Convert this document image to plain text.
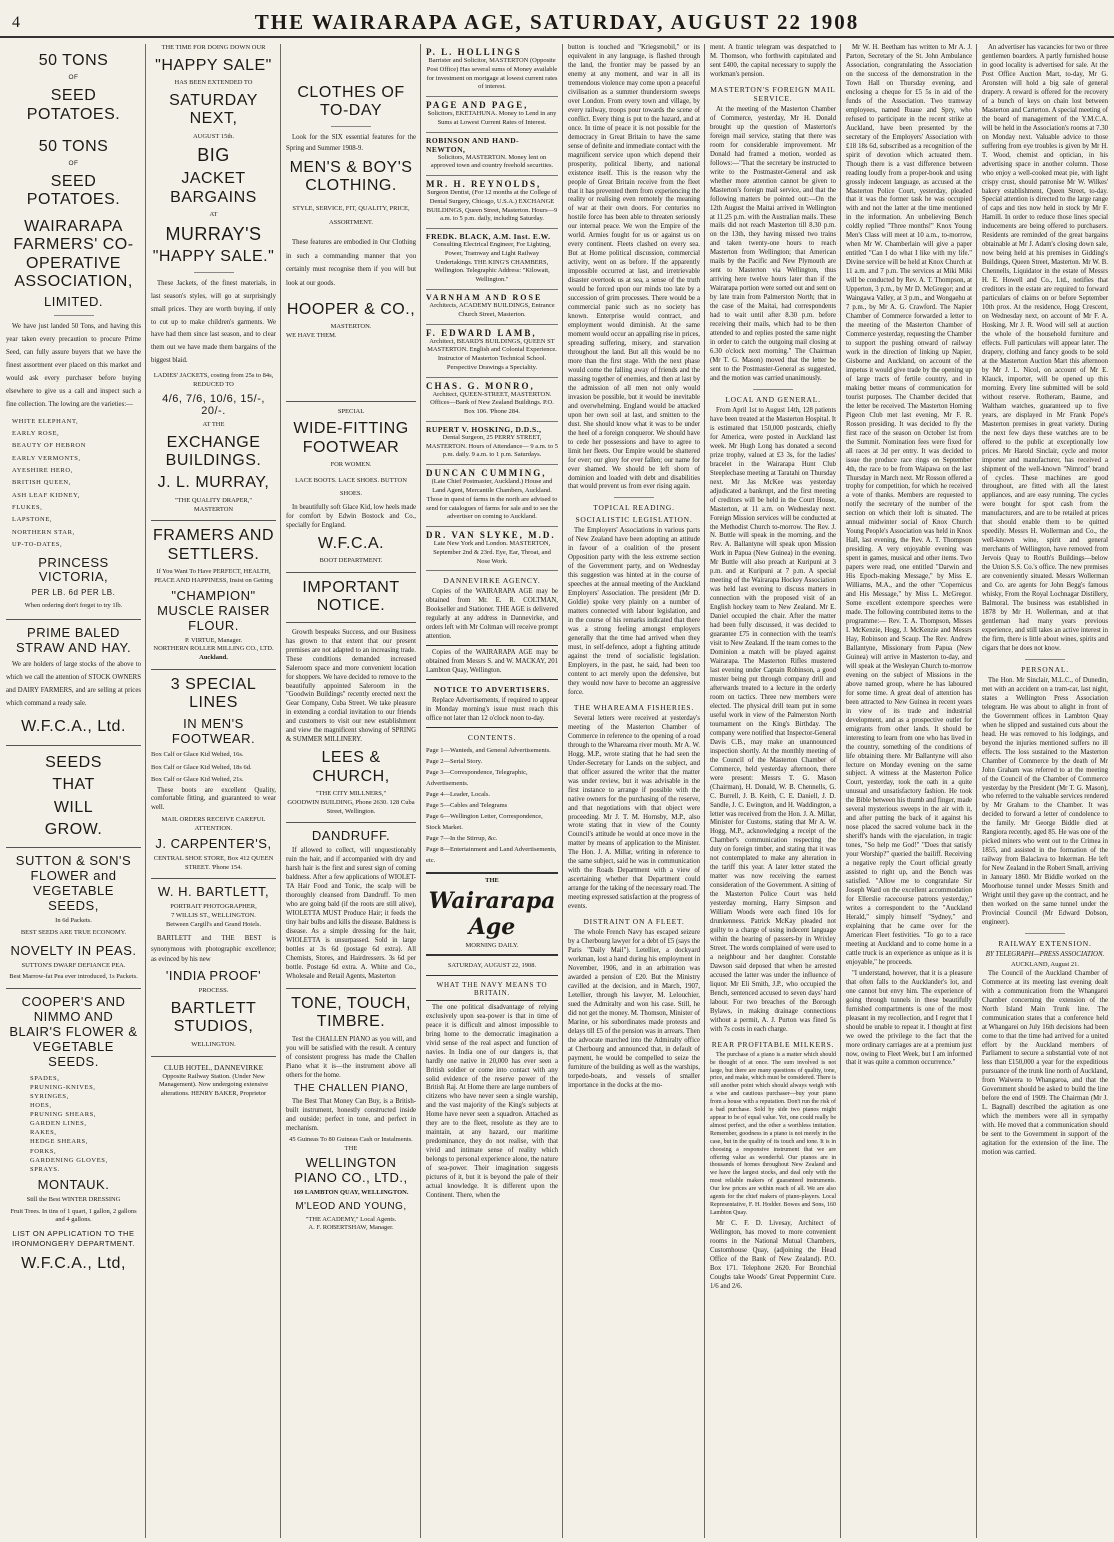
4	THE WAIRARAPA AGE, SATURDAY, AUGUST 22 1908
50 TONS
OF
SEED POTATOES.
50 TONS
OF
SEED POTATOES.
WAIRARAPA FARMERS' CO-OPERATIVE ASSOCIATION,
LIMITED.
We have just landed 50 Tons, and having this year taken every precaution to procure Prime Seed, can fully assure buyers that we have the finest assortment ever placed on this market and would ask every purchaser before buying elsewhere to give us a call and inspect such a fine collection. The lowing are the varieties:—
WHITE ELEPHANT,
EARLY ROSE,
BEAUTY OF HEBRON
EARLY VERMONTS,
AYESHIRE HERO,
BRITISH QUEEN,
ASH LEAF KIDNEY,
FLUKES,
LAPSTONE,
NORTHERN STAR,
UP-TO-DATES,
PRINCESS VICTORIA,
PER LB. 6d PER LB.
When ordering don't forget to try 1lb.
PRIME BALED STRAW AND HAY.
We are holders of large stocks of the above to which we call the attention of STOCK OWNERS and DAIRY FARMERS, and are selling at prices which command a ready sale.
W.F.C.A., Ltd.
SEEDS THAT WILL GROW.
SUTTON & SON'S FLOWER and VEGETABLE SEEDS,
In 6d Packets.
BEST SEEDS ARE TRUE ECONOMY.
NOVELTY IN PEAS.
SUTTON'S DWARF DEFIANCE PEA.
Best Marrow-fat Pea ever introduced, 1s Packets.
COOPER'S AND NIMMO AND BLAIR'S FLOWER & VEGETABLE SEEDS.
SPADES,
PRUNING-KNIVES,
SYRINGES,
HOES,
PRUNING SHEARS,
GARDEN LINES,
RAKES,
HEDGE SHEARS,
FORKS,
GARDENING GLOVES,
SPRAYS.
MONTAUK.
Still the Best WINTER DRESSING
Fruit Trees. In tins of 1 quart, 1 gallon, 2 gallons and 4 gallons.
LIST ON APPLICATION TO THE IRONMONGERY DEPARTMENT.
W.F.C.A., Ltd,
THE TIME FOR DOING DOWN OUR
"HAPPY SALE"
HAS BEEN EXTENDED TO
SATURDAY NEXT,
AUGUST 15th.
BIG
JACKET BARGAINS
AT
MURRAY'S
"HAPPY SALE."
These Jackets, of the finest materials, in last season's styles, will go at surprisingly small prices. They are worth buying, if only to cut up to make children's garments. We have had them since last season, and to clear them out we have made them bargains of the biggest blaid.
LADIES' JACKETS, costing from 25s to 84s,
REDUCED TO
4/6, 7/6, 10/6, 15/-, 20/-.
AT THE
EXCHANGE BUILDINGS.
J. L. MURRAY,
"THE QUALITY DRAPER,"
MASTERTON
FRAMERS AND SETTLERS.
If You Want To Have PERFECT, HEALTH, PEACE AND HAPPINESS, Insist on Getting
"CHAMPION" MUSCLE RAISER FLOUR.
P. VIRTUE, Manager.
NORTHERN ROLLER MILLING CO., LTD.
Auckland.
3 SPECIAL LINES
IN MEN'S FOOTWEAR.
Box Calf or Glace Kid Welted, 16s.
Box Calf or Glace Kid Welted, 18s 6d.
Box Calf or Glace Kid Welted, 21s.
These boots are excellent Quality, comfortable fitting, and guaranteed to wear well.
MAIL ORDERS RECEIVE CAREFUL ATTENTION.
J. CARPENTER'S,
CENTRAL SHOE STORE, Box 412 QUEEN STREET. 'Phone 154.
W. H. BARTLETT,
PORTRAIT PHOTOGRAPHER,
7 WILLIS ST., WELLINGTON.
Between Cargill's and Grand Hotels.
BARTLETT and THE BEST is synonymous with photographic excellence; as evinced by his new
'INDIA PROOF'
PROCESS.
BARTLETT STUDIOS,
WELLINGTON.
CLUB HOTEL, DANNEVIRKE
Opposite Railway Station. (Under New Management). Now undergoing extensive alterations. HENRY BAKER, Proprietor
CLOTHES OF TO-DAY
Look for the SIX essential features for the Spring and Summer 1908-9.
MEN'S & BOY'S CLOTHING.
STYLE, SERVICE, FIT, QUALITY, PRICE, ASSORTMENT.
These features are embodied in Our Clothing in such a commanding manner that you certainly must recognise them if you will but look at our goods.
HOOPER & CO.,
MASTERTON.
WE HAVE THEM.
SPECIAL
WIDE-FITTING FOOTWEAR
FOR WOMEN.
LACE BOOTS. LACE SHOES. BUTTON SHOES.
In beautifully soft Glace Kid, low heels made for comfort by Edwin Bostock and Co., specially for England.
W.F.C.A.
BOOT DEPARTMENT.
IMPORTANT NOTICE.
Growth bespeaks Success, and our Business has grown to that extent that our present premises are not adapted to an increasing trade. These conditions demanded increased Saleroom space and more convenient location for shoppers. We have decided to remove to the beautifully appointed Saleroom in the "Goodwin Buildings" recently erected next the Gear Company, Cuba Street. We take pleasure in extending a cordial invitation to our friends and customers to visit our new establishment and view the magnificent showing of SPRING & SUMMER MILLINERY.
LEES & CHURCH,
"THE CITY MILLNERS,"
GOODWIN BUILDING, Phone 2630. 128 Cuba Street, Wellington.
DANDRUFF.
If allowed to collect, will unquestionably ruin the hair, and if accompanied with dry and harsh hair is the first and surest sign of coming baldness. After a few applications of WIOLET-TA Hair Food and Tonic, the scalp will be thoroughly cleansed from Dandruff. To men who are going bald (if the roots are still alive), WIOLETTA MUST Produce Hair; it feeds the tiny hair bulbs and kills the disease. Baldness is disease. As a simple dressing for the hair, WIOLETTA is unsurpassed. Sold in large bottles at 3s 6d (postage 6d extra). All Chemists, Stores, and Hairdressers. 3s 6d per bottle. Postage 6d extra. A. White and Co., Wholesale and Retail Agents, Masterton
TONE, TOUCH, TIMBRE.
Test the CHALLEN PIANO as you will, and you will be satisfied with the result. A century of consistent progress has made the Challen Piano what it is—the instrument above all others for the home.
THE CHALLEN PIANO,
The Best That Money Can Buy, is a British-built instrument, honestly constructed inside and outside; perfect in tone, and perfect in mechanism.
45 Guineas To 80 Guineas Cash or Instalments.
THE
WELLINGTON PIANO CO., LTD.,
169 LAMBTON QUAY, WELLINGTON.
M'LEOD AND YOUNG,
"THE ACADEMY," Local Agents.
A. F. ROBERTSHAW, Manager.
P. L. HOLLINGS
Barrister and Solicitor, MASTERTON (Opposite Post Office) Has several sums of Money available for investment on mortgage at lowest current rates of interest.
PAGE AND PAGE,
Solicitors, EKETAHUNA. Money to Lend in any Sums at Lowest Current Rates of Interest.
ROBINSON AND HAND-NEWTON,
Solicitors, MASTERTON. Money lent on approved town and country freehold securities.
MR. H. REYNOLDS,
Surgeon Dentist, (For 12 months at the College of Dental Surgery, Chicago, U.S.A.) EXCHANGE BUILDINGS, Queen Street, Masterton. Hours—9 a.m. to 5 p.m. daily, including Saturday.
FREDK. BLACK, A.M. Inst. E.W.
Consulting Electrical Engineer, For Lighting, Power, Tramway and Light Railway Undertakings. THE KING'S CHAMBERS, Wellington. Telegraphic Address: "Kilowatt, Wellington."
VARNHAM AND ROSE
Architects, ACADEMY BUILDINGS, Entrance Church Street, Masterton.
F. EDWARD LAMB,
Architect, BEARD'S BUILDINGS, QUEEN ST MASTERTON. English and Colonial Experience. Instructor of Masterton Technical School. Perspective Drawings a Speciality.
CHAS. G. MONRO,
Architect, QUEEN-STREET, MASTERTON. Offices—Bank of New Zealand Buildings. P.O. Box 106. 'Phone 284.
RUPERT V. HOSKING, D.D.S.,
Dental Surgeon, 25 PERRY STREET, MASTERTON. Hours of Attendance— 9 a.m. to 5 p.m. daily. 9 a.m. to 1 p.m. Saturdays.
DUNCAN CUMMING,
(Late Chief Postmaster, Auckland.) House and Land Agent, Mercantile Chambers, Auckland. Those in quest of farms in the north are advised to send for catalogues of farms for sale and to see the advertiser on coming to Auckland.
DR. VAN SLYKE, M.D.
Late New York and London. MASTERTON, September 2nd & 23rd. Eye, Ear, Throat, and Nose Work.
DANNEVIRKE AGENCY.
Copies of the WAIRARAPA AGE may be obtained from Mr. E. R. COLTMAN, Bookseller and Stationer. THE AGE is delivered regularly at any address in Dannevirke, and orders left with Mr Coltman will receive prompt attention.
Copies of the WAIRARAPA AGE may be obtained from Messrs S. and W. MACKAY, 201 Lambton Quay, Wellington.
NOTICE TO ADVERTISERS.
Replace Advertisements, if required to appear in Monday morning's issue must reach this office not later than 12 o'clock noon to-day.
CONTENTS.
Page 1—Wanteds, and General Advertisements.
Page 2—Serial Story.
Page 3—Correspondence, Telegraphic, Advertisements.
Page 4—Leader, Locals.
Page 5—Cables and Telegrams
Page 6—Wellington Letter, Correspondence, Stock Market.
Page 7—In the Stirrup, &c.
Page 8—Entertainment and Land Advertisements, etc.
THE
Wairarapa Age
MORNING DAILY.
SATURDAY, AUGUST 22, 1908.
WHAT THE NAVY MEANS TO BRITAIN.
The one political disadvantage of relying exclusively upon sea-power is that in time of peace it is difficult and almost impossible to bring home to the democratic imagination a vivid sense of the real aspect and function of navies. In India one of our dangers is, that hardly one native in 20,000 has ever seen a British soldier or come into contact with any solid evidence of the reserve power of the British Raj. At Home there are large numbers of citizens who have never seen a single warship, and the vast majority of the King's subjects at Home have never seen a squadron. Attached as they are to the fleet, resolute as they are to maintain, at any hazard, our maritime predominance, they do not realise, with that vivid and intimate sense of reality which belongs to personal experience alone, the nature of sea-power. Their imagination suggests pictures of it, but it is beyond the pale of their actual knowledge. It is different upon the Continent. There, when the
button is touched and "Kriegsmobil," or its equivalent in any language, is flashed through the land, the frontier may be passed by an enemy at any moment, and war in all its tremendous violence may come upon a peaceful civilisation as a summer thunderstorm sweeps over London. From every town and village, by every railway, troops pour towards the scene of conflict. Every thing is put to the hazard, and at once. In time of peace it is not possible for the democracy in Great Britain to have the same sense of definite and immediate contact with the magnificent service upon which depend their prosperity, political liberty, and national existence itself. This is the reason why the people of Great Britain receive from the fleet that it has prevented them from experiencing the reality or realising even remotely the meaning of war at their own doors. For centuries no hostile force has been able to threaten seriously our internal peace. We won the Empire of the world. Armies fought for us or against us on every continent. Fleets clashed on every sea. But at Home political discussion, commercial activity, went on as before. If the apparently impossible occurred at last, and irretrievable disaster overtook us at sea, a sense of the truth would be forced upon our minds too late by a succession of grim processes. There would be a commercial panic such as no society has known. Enterprise would contract, and employment would diminish. At the same moment would occur an appalling rise in prices, spreading suffering, misery, and starvation throughout the land. But all this would be no more than the first stage. With the next phase would come the falling away of friends and the massing together of enemies, and then at last by the admission of all men not only would invasion be possible, but it would be inevitable and overwhelming. England would be attacked upon her own soil at last, and smitten to the dust. She should know what it was to be under the heel of a foreign conqueror. We should have to cede her possessions and have to agree to limit her fleets. Our Empire would be shattered for ever; our glory for ever fallen; our name for ever shamed. We should be left shorn of dominion and loaded with debt and disabilities that would prevent us from ever rising again.
TOPICAL READING.
SOCIALISTIC LEGISLATION.
The Employers' Associations in various parts of New Zealand have been adopting an attitude in favour of a coalition of the present Opposition party with the less extreme section of the Government party, and on Wednesday this suggestion was hinted at in the course of speeches at the annual meeting of the Auckland Employers' Association. The president (Mr D. Goldie) spoke very plainly on a number of matters connected with labour legislation, and in the course of his remarks indicated that there was a strong feeling amongst employers generally that the time had arrived when they must, in self-defence, adopt a fighting attitude against the trend of socialistic legislation. Employers, in the past, he said, had been too content to act merely upon the defensive, but they would now have to become an aggressive force.
THE WHAREAMA FISHERIES.
Several letters were received at yesterday's meeting of the Masterton Chamber of Commerce in reference to the opening of a road through to the Whareama river mouth. Mr A. W. Hogg, M.P., wrote stating that he had seen the Under-Secretary for Lands on the subject, and that officer assured the writer that the matter was under review, but it was advisable in the first instance to arrange if possible with the native owners for the purchasing of the reserve, and that negotiations with that object were proceeding. Mr J. T. M. Hornsby, M.P., also wrote stating that in view of the County Council's attitude he would at once move in the matter by means of application to the Minister. The Hon. J. A. Millar, writing in reference to the same subject, said he was in communication with the Roads Department with a view of ascertaining whether that Department could arrange for the taking of the necessary road. The meeting expressed satisfaction at the progress of events.
DISTRAINT ON A FLEET.
The whole French Navy has escaped seizure by a Cherbourg lawyer for a debt of £5 (says the Paris "Daily Mail"). Letellier, a dockyard workman, lost a hand during his employment in November, 1906, and in an arbitration was awarded a pension of £20. But the Ministry cavilled at the decision, and in March, 1907, Letellier, through his lawyer, M. Lelouchier, sued the Admiralty and won his case. Still, he did not get the money. M. Thomson, Minister of Marine, or his subordinates made protests and delays till £5 of the pension was in arrears. Then the advocate marched into the Admiralty office at Cherbourg and announced that, in default of payment, he would be compelled to seize the furniture of the building as well as the warships, torpedo-boats, and vessels of smaller importance in the docks at the mo-
ment. A frantic telegram was despatched to M. Thomson, who forthwith capitulated and sent £400, the capital necessary to supply the workman's pension.
MASTERTON'S FOREIGN MAIL SERVICE.
At the meeting of the Masterton Chamber of Commerce, yesterday, Mr H. Donald brought up the question of Masterton's foreign mail service, stating that there was room for considerable improvement. Mr Donald had framed a motion, worded as follows:—"That the secretary be instructed to write to the Postmaster-General and ask whether more attention cannot be given to Masterton's foreign mail service, and that the following matters be pointed out:—On the 12th August the Maitai arrived in Wellington at 11.25 p.m. with the Australian mails. These mails did not reach Masterton till 8.30 p.m. on the 13th, they having missed two trains and taken twenty-one hours to reach Masterton from Wellington; that American mails by the Pacific and New Plymouth are sent to Masterton via Wellington, thus arriving here twelve hours later than if the Wairarapa portion were sorted out and sent on by late train from Palmerston North; that in the case of the Maitai, had correspondents had to wait until after 8.30 p.m. before receiving their mails, which had to be then attended to and replies posted the same night in order to catch the outgoing mail closing at 6.30 o'clock next morning." The Chairman (Mr T. G. Mason) moved that the letter be sent to the Postmaster-General as suggested, and the motion was carried unanimously.
LOCAL AND GENERAL.
From April 1st to August 14th, 128 patients have been treated at the Masterton Hospital. It is estimated that 150,000 postcards, chiefly for America, were posted in Auckland last week. Mr Hugh Long has donated a second prize trophy, valued at £3 3s, for the ladies' bracelet in the Wairarapa Hunt Club Steeplechase meeting at Taratahi on Thursday next. Mr Jas McKee was yesterday adjudicated a bankrupt, and the first meeting of creditors will be held in the Court House, Masterton, at 11 a.m. on Wednesday next. Foreign Mission services will be conducted at the Methodist Church to-morrow. The Rev. J. N. Buttle will speak in the morning, and the Rev. A. Ballantyne will speak upon Mission Work in Papua (New Guinea) in the evening. Mr Buttle will also preach at Kuripuni at 3 p.m. and at Kuripuni at 7 p.m. A special meeting of the Wairarapa Hockey Association was held last evening to discuss matters in connection with the proposed visit of an English hockey team to New Zealand. Mr E. Daniel occupied the chair. After the matter had been fully discussed, it was decided to guarantee £75 in connection with the team's visit to New Zealand. If the team comes to the Dominion a match will be played against Wairarapa. The Masterton Rifles mustered last evening under Captain Robinson, a good muster being put through company drill and afterwards treated to a lecture in the orderly room on tactics. Three new members were elected. The physical drill team put in some useful work in view of the Palmerston North tournament on the King's Birthday. The company were notified that Inspector-General Davis C.B., may make an unannounced inspection shortly. At the monthly meeting of the Council of the Masterton Chamber of Commerce, held yesterday afternoon, there were present: Messrs T. G. Mason (Chairman), H. Donald, W. B. Chennells, G. C. Burrell, J. B. Keith, C. E. Daniell, J. D. Sandle, J. C. Ewington, and H. Waddington, a letter was received from the Hon. J. A. Millar, Minister for Customs, stating that Mr A. W. Hogg, M.P., acknowledging a receipt of the Chamber's communication respecting the duty on foreign timber, and stating that it was not contemplated to make any alteration in the tariff this year. A later letter stated the matter was now receiving the earnest consideration of the Government. A sitting of the Masterton Police Court was held yesterday morning, Harry Simpson and William Woods were each fined 10s for drunkenness. Patrick McKay pleaded not guilty to a charge of using indecent language within the hearing of passers-by in Wrixley Street. The words complained of were used to a neighbour and her daughter. Constable Dawson said deposed that when he arrested accused the latter was under the influence of liquor. Mr Eli Smith, J.P., who occupied the Bench, sentenced accused to seven days' hard labour. For two breaches of the Borough Bylaws, in making drainage connections without a permit, A. J. Purton was fined 5s with 7s costs in each charge.
REAR PROFITABLE MILKERS.
The purchase of a piano is a matter which should be thought of at once. The sum involved is not large, but there are many questions of quality, tone, price, and make, which must be considered. There is still another point which should always weigh with a wise and cautious purchaser—buy your piano from a house with a reputation. Don't run the risk of a bad purchase. Sold by side two pianos might appear to be of equal value. Yet, one could really be almost perfect, and the other a worthless imitation. Remember, goodness in a piano is not merely in the case, but in the quality of its touch and tone. It is in choosing a responsive instrument that we are offering value as wonderful. Our pianos are in thousands of homes throughout New Zealand and we have the largest stocks, and deal only with the most reliable makers of guaranteed instruments. Our low prices are within reach of all. We are also agents for the chief makers of piano-players. Local Representative, F. H. Hodder. Bowes and Sons, 160 Lambton Quay.
Mr C. F. D. Livesay, Architect of Wellington, has moved to more convenient rooms in the National Mutual Chambers, Customhouse Quay, (adjoining the Head Office of the Bank of New Zealand). P.O. Box 171. Telephone 2620. For Bronchial Coughs take Woods' Great Peppermint Cure. 1/6 and 2/6.
Mr W. H. Beetham has written to Mr A. J. Parton, Secretary of the St. John Ambulance Association, congratulating the Association on the success of the demonstration in the Town Hall on Thursday evening, and enclosing a cheque for £5 5s in aid of the funds of the Association. Two tramway employees, named Ruaue and Spry, who refused to participate in the recent strike at Auckland, have been presented by the secretary of the Employers' Association with £18 18s 6d, subscribed as a recognition of the spirit of devotion which actuated them. Though there is a vast difference between reading loudly from a proper-book and using grossly indecent language, as accused at the Masterton Police Court, yesterday, pleaded that it was the former task he was occupied with and not the latter at the time mentioned in the information. An unbelieving Bench coldly replied "Three months!" Knox Young Men's Class will meet at 10 a.m., to-morrow, when Mr W. Chamberlain will give a paper entitled "Can I do what I like with my life." Divine service will be held at Knox Church at 11 a.m. and 7 p.m. The services at Miki Miki will be conducted by Rev. A. T. Thompson, at Upperton, 3 p.m., by Mr D. McGregor; and at Waingawa Valley, at 3 p.m., and Wongaehu at 7 p.m., by Mr A. G. Crawford. The Napier Chamber of Commerce forwarded a letter to the meeting of the Masterton Chamber of Commerce yesterday, requesting the Chamber to support the pushing onward of railway work in the direction of linking up Napier, Gisborne and Auckland, on account of the impetus it would give trade by the opening up of large tracts of fertile country, and in making better means of communication for tourist purposes. The Chamber decided that the letter be received. The Masterton Homing Pigeon Club met last evening, Mr F. R. Rosson presiding. It was decided to fly the first race of the season on October 1st from the Summit. Nomination fees were fixed for all races at 3d per entry. It was decided to issue the produce race rings on September 4th, the race to be from Waipawa on the last Thursday in March next. Mr Rosson offered a trophy for competition, for which he received a vote of thanks. Members are requested to notify the secretary of the number of the section on which their loft is situated. The annual midwinter social of Knox Church Young People's Association was held in Knox Hall, last evening, the Rev. A. T. Thompson presiding. A very enjoyable evening was spent in games, musical and other items. Two papers were read, one entitled "Darwin and His Epoch-making Message," by Miss E. Williams, M.A., and the other "Copernicus and His Message," by Miss L. McGregor. Some excellent extempore speeches were made. The following contributed items to the programme:— Rev. T. A. Thompson, Misses I. McKenzie, Hogg, J. McKenzie and Messrs Hay, Robinson and Scaup. The Rev. Andrew Ballantyne, Missionary from Papua (New Guinea) will arrive in Masterton to-day, and will speak at the Wesleyan Church to-morrow evening on the subject of Missions in the above named group, where he has laboured for some time. A great deal of attention has been attracted to New Guinea in recent years in view of its trade and industrial development, and as a prospective outlet for emigrants from other lands. It should be interesting to learn from one who has lived in the country, something of the conditions of life obtaining there. Mr Ballantyne will also lecture on Monday evening on the same subject. A witness at the Masterton Police Court, yesterday, took the oath in a quite unusual and unsatisfactory fashion. He took the Bible between his thumb and finger, made several mysterious sweeps in the air with it, and after putting the back of it against his nose placed the sacred volume back in the sheriff's hands with the ejaculation, in tragic tones, "So help me God!" "Does that satisfy your Worship?" queried the bailiff. Receiving a negative reply the Court official greatly assisted to right up, and the Bench was satisfied. "Allow me to congratulate Sir Joseph Ward on the excellent accommodation for Ellerslie racecourse patrons yesterday," writes a correspondent to the "Auckland Herald," simply himself "Sydney," and explaining that he came over for the American Fleet festivities. "To go to a race meeting at Auckland and to come home in a cattle truck is an experience as unique as it is enjoyable," he proceeds.
"I understand, however, that it is a pleasure that often falls to the Aucklander's lot, and one cannot but envy him. The experience of going through tunnels in these beautifully furnished compartments is one of the most pleasant in my recollection, and I regret that I should be unable to repeat it. I thought at first we owed the privilege to the fact that the more ordinary carriages are at a premium just now, owing to Fleet Week, but I am informed that it was quite a common occurrence."
An advertiser has vacancies for two or three gentlemen boarders. A partly furnished house in good locality is advertised for sale. At the Post Office Auction Mart, to-day, Mr G. Aronsten will hold a big sale of general drapery. A reward is offered for the recovery of a bunch of keys on chain lost between Masterton and Carterton. A special meeting of the board of management of the Y.M.C.A. will be held in the Association's rooms at 7.30 on Monday next. Valuable advice to those suffering from eye troubles is given by Mr H. T. Wood, chemist and optician, in his advertising space in another column. Those who enjoy a well-cooked meat pie, with light crispy crust, should patronise Mr W. Wilkes' bakery establishment, Queen Street, to-day. Special attention is directed to the large range of caps and ties now held in stock by Mr F. Hamill. In order to reduce those lines special inducements are being offered to purchasers. Residents are reminded of the great bargains obtainable at Mr J. Adam's closing down sale, now being held at his premises in Gidding's Buildings, Queen Street, Masterton. Mr W. B. Chennells, Liquidator in the estate of Messrs H. E. Howell and Co., Ltd., notifies that creditors in the estate are required to forward particulars of claims on or before September 10th prox. At the residence, Hogg Crescent, on Wednesday next, on account of Mr F. A. Hosking, Mr J. R. Wood will sell at auction the whole of the household furniture and effects. Full particulars will appear later. The drapery, clothing and fancy goods to be sold at the Masterton Auction Mart this afternoon by Mr J. L. Nicol, on account of Mr E. Klauck, importer, will be opened up this morning. Every line submitted will be sold without reserve. Rotheram, Baume, and Waltham watches, guaranteed up to five years, are displayed in Mr Frank Pope's Masterton premises in great variety. During the next few days these watches are to be offered to the public at exceptionally low prices. Mr Harold Sinclair, cycle and motor importer and manufacturer, has received a shipment of the well-known "Nimrod" brand of cycles. These machines are good throughout, are fitted with all the latest appliances, and are easy running. The cycles were bought for spot cash from the manufacturers, and are to be retailed at prices that should enable them to be quitted speedily. Messrs H. Wollerman and Co., the well-known wine, spirit and general merchants of Wellington, have removed from Jervois Quay to Routh's Buildings—below the Union S.S. Co.'s office. The new premises are conveniently situated. Messrs Wollerman and Co. are agents for John Begg's famous whisky, From the Royal Lochnagar Distillery, Balmoral. The business was established in 1878 by Mr H. Wollerman, and at that gentleman had many years previous experience, and still takes an active interest in the firm, there is little about wines, spirits and cigars that he does not know.
PERSONAL.
The Hon. Mr Sinclair, M.L.C., of Dunedin, met with an accident on a tram-car, last night, states a Wellington Press Association telegram. He was about to alight in front of the Government offices in Lambton Quay when he slipped and sustained cuts about the head. He was removed to his lodgings, and beyond the injuries mentioned suffers no ill effects. The loss sustained to the Masterton Chamber of Commerce by the death of Mr John Graham was referred to at the meeting of the Council of the Chamber of Commerce yesterday by the President (Mr T. G. Mason), who referred to the valuable services rendered by Mr Graham to the Chamber. It was decided to forward a letter of condolence to the family. Mr George Biddle died at Rangiora recently, aged 85. He was one of the picked miners who went out to the Crimea in 1855, and assisted in the formation of the railway from Balaclava to Inkerman. He left for New Zealand in the Robert Small, arriving in January 1860. Mr Biddle worked on the Moorhouse tunnel under Messrs Smith and Wright until they gave up the contract, and he then worked on the same tunnel under the Provincial Council (Mr Edward Dobson, engineer).
RAILWAY EXTENSION.
BY TELEGRAPH—PRESS ASSOCIATION.
AUCKLAND, August 21.
The Council of the Auckland Chamber of Commerce at its meeting last evening dealt with a communication from the Whangarei Chamber concerning the extension of the North Island Main Trunk line. The communication states that a conference held at Whangarei on July 16th decisions had been come to that the time had arrived for a united effort by the Auckland members of Parliament to secure a substantial vote of not less than £150,000 a year for the expeditious pursuance of the trunk line north of Auckland, from Waiwera to Whangaroa, and that the Government should be asked to build the line before the end of 1909. The Chairman (Mr J. L. Bagnall) described the agitation as one which the members were all in sympathy with. He moved that a communication should be sent to the Government in support of the agitation for the extension of the line. The motion was carried.
